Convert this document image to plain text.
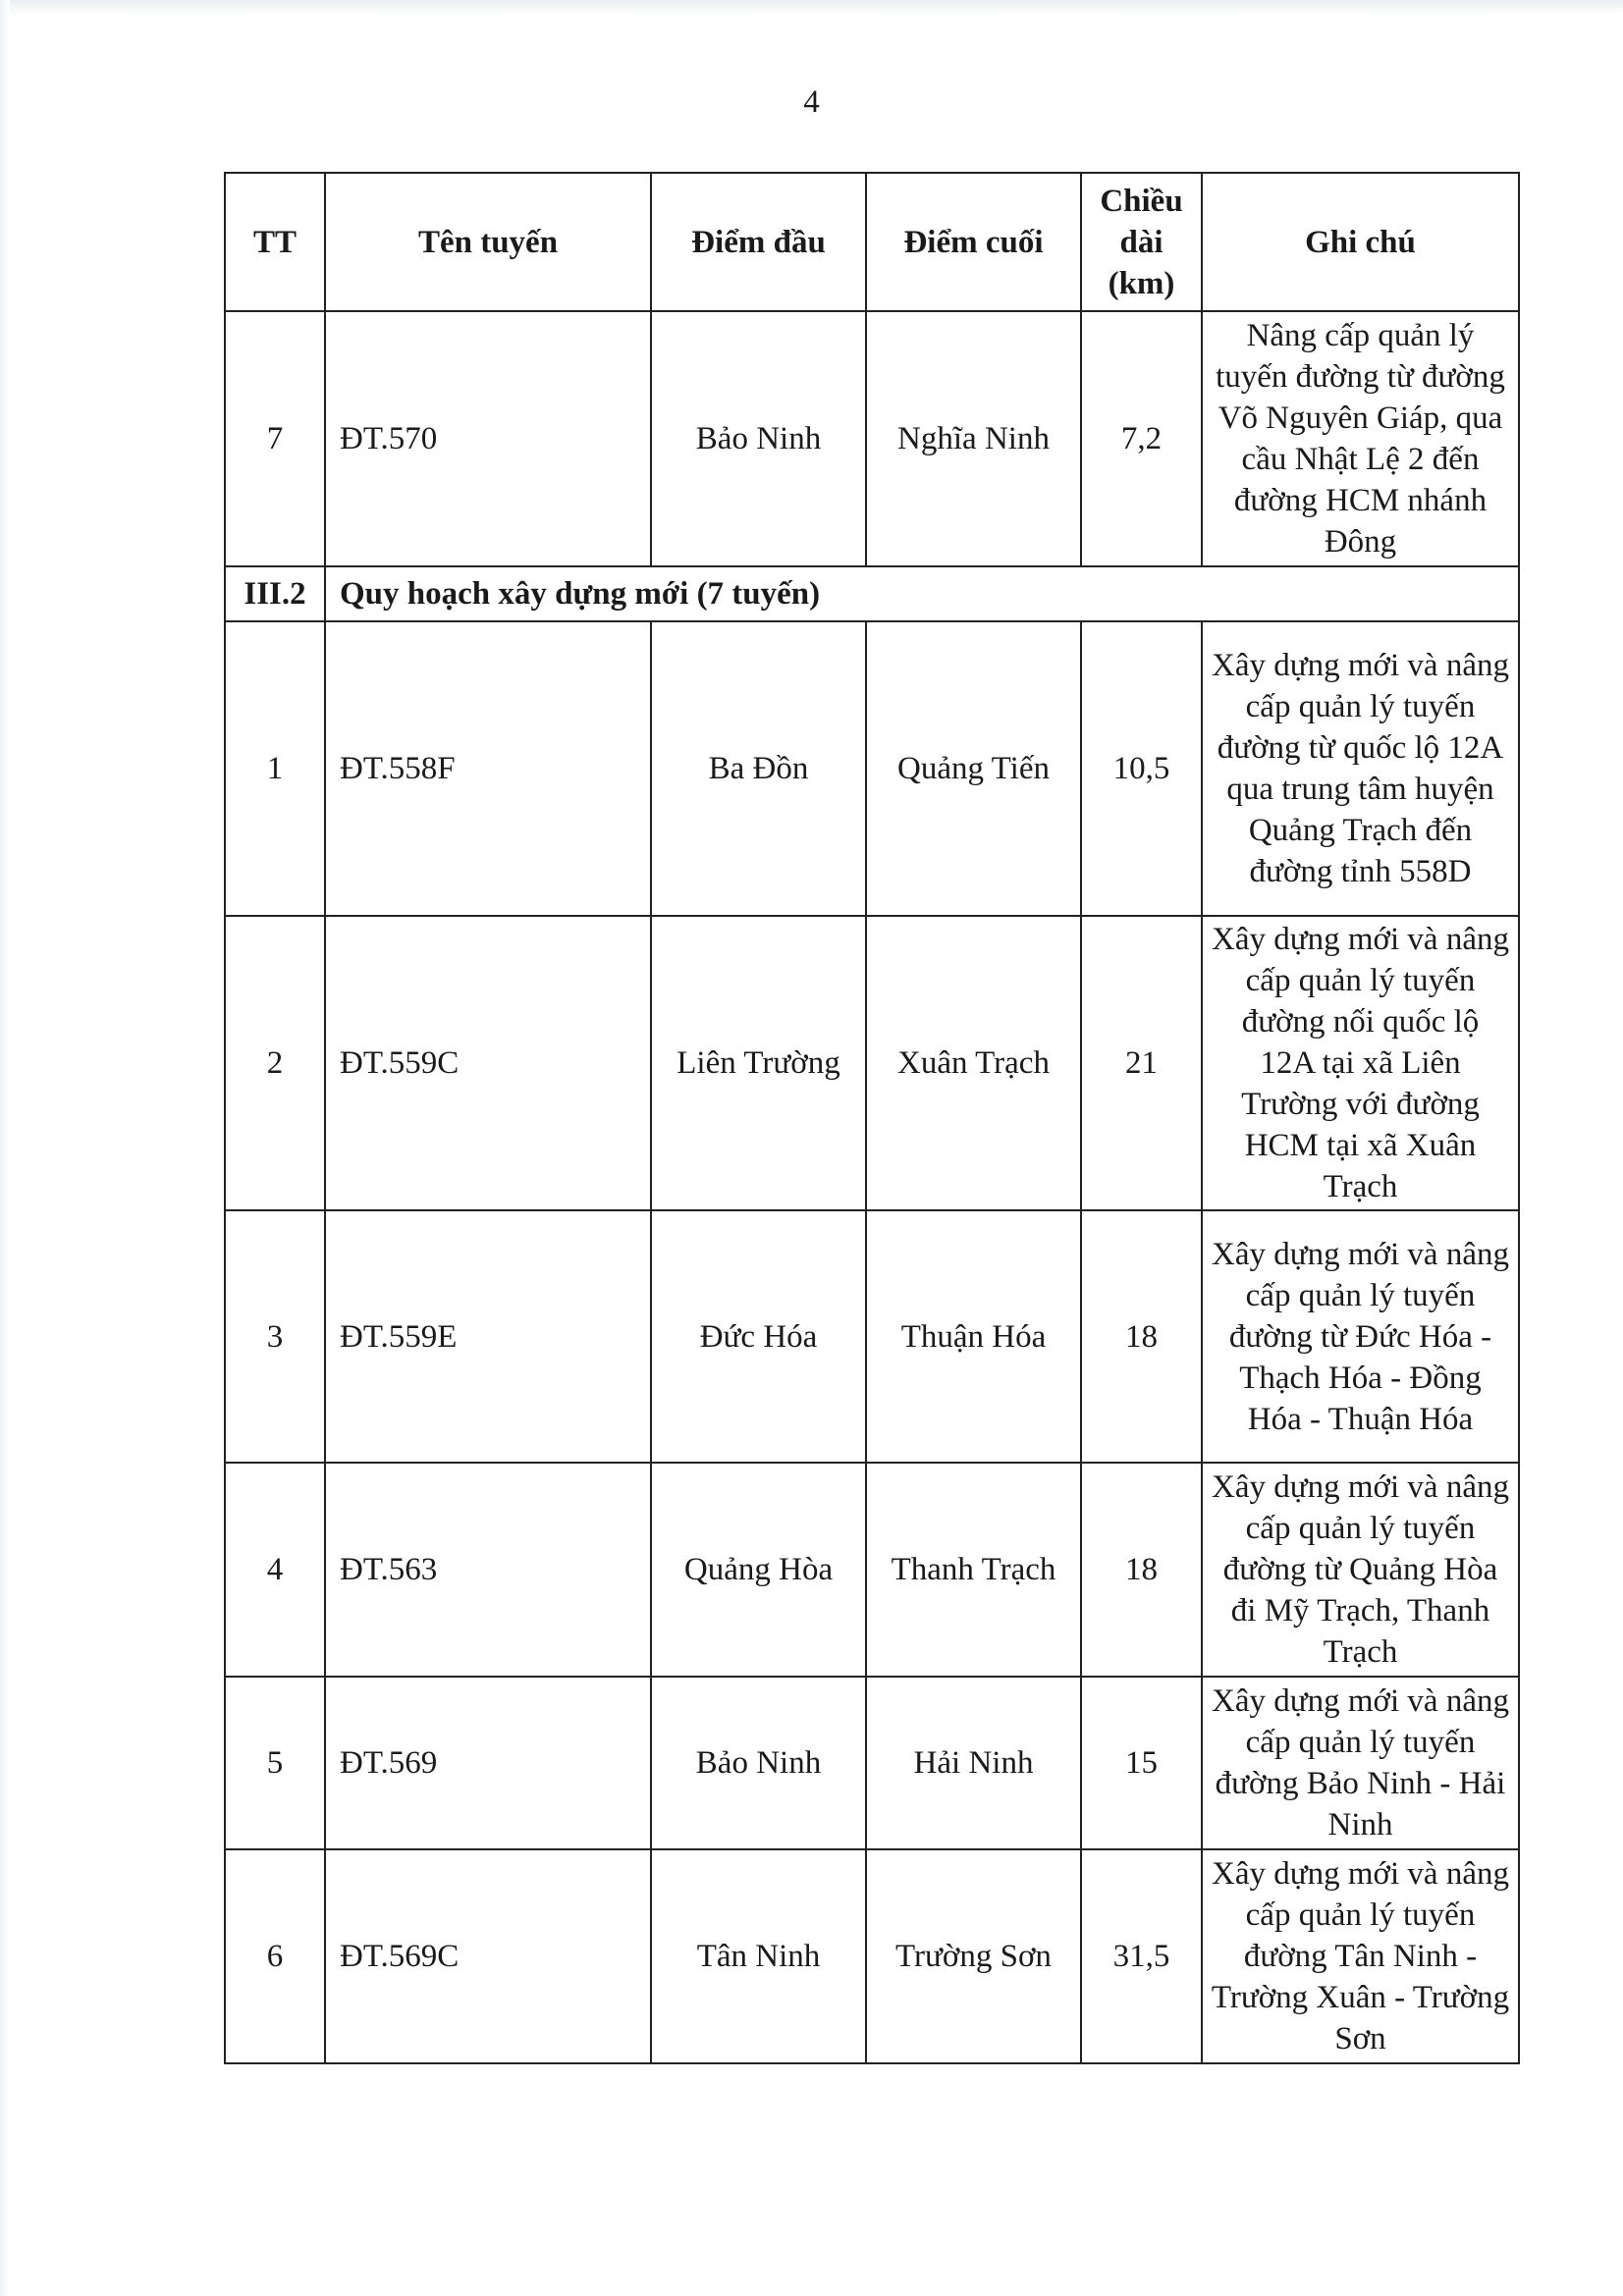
4
TT	Tên tuyến	Điểm đầu	Điểm cuối	Chiều dài (km)	Ghi chú
7	ĐT.570	Bảo Ninh	Nghĩa Ninh	7,2	Nâng cấp quản lý tuyến đường từ đường Võ Nguyên Giáp, qua cầu Nhật Lệ 2 đến đường HCM nhánh Đông
III.2	Quy hoạch xây dựng mới (7 tuyến)				
1	ĐT.558F	Ba Đồn	Quảng Tiến	10,5	Xây dựng mới và nâng cấp quản lý tuyến đường từ quốc lộ 12A qua trung tâm huyện Quảng Trạch đến đường tỉnh 558D
2	ĐT.559C	Liên Trường	Xuân Trạch	21	Xây dựng mới và nâng cấp quản lý tuyến đường nối quốc lộ 12A tại xã Liên Trường với đường HCM tại xã Xuân Trạch
3	ĐT.559E	Đức Hóa	Thuận Hóa	18	Xây dựng mới và nâng cấp quản lý tuyến đường từ Đức Hóa - Thạch Hóa - Đồng Hóa - Thuận Hóa
4	ĐT.563	Quảng Hòa	Thanh Trạch	18	Xây dựng mới và nâng cấp quản lý tuyến đường từ Quảng Hòa đi Mỹ Trạch, Thanh Trạch
5	ĐT.569	Bảo Ninh	Hải Ninh	15	Xây dựng mới và nâng cấp quản lý tuyến đường Bảo Ninh - Hải Ninh
6	ĐT.569C	Tân Ninh	Trường Sơn	31,5	Xây dựng mới và nâng cấp quản lý tuyến đường Tân Ninh - Trường Xuân - Trường Sơn
